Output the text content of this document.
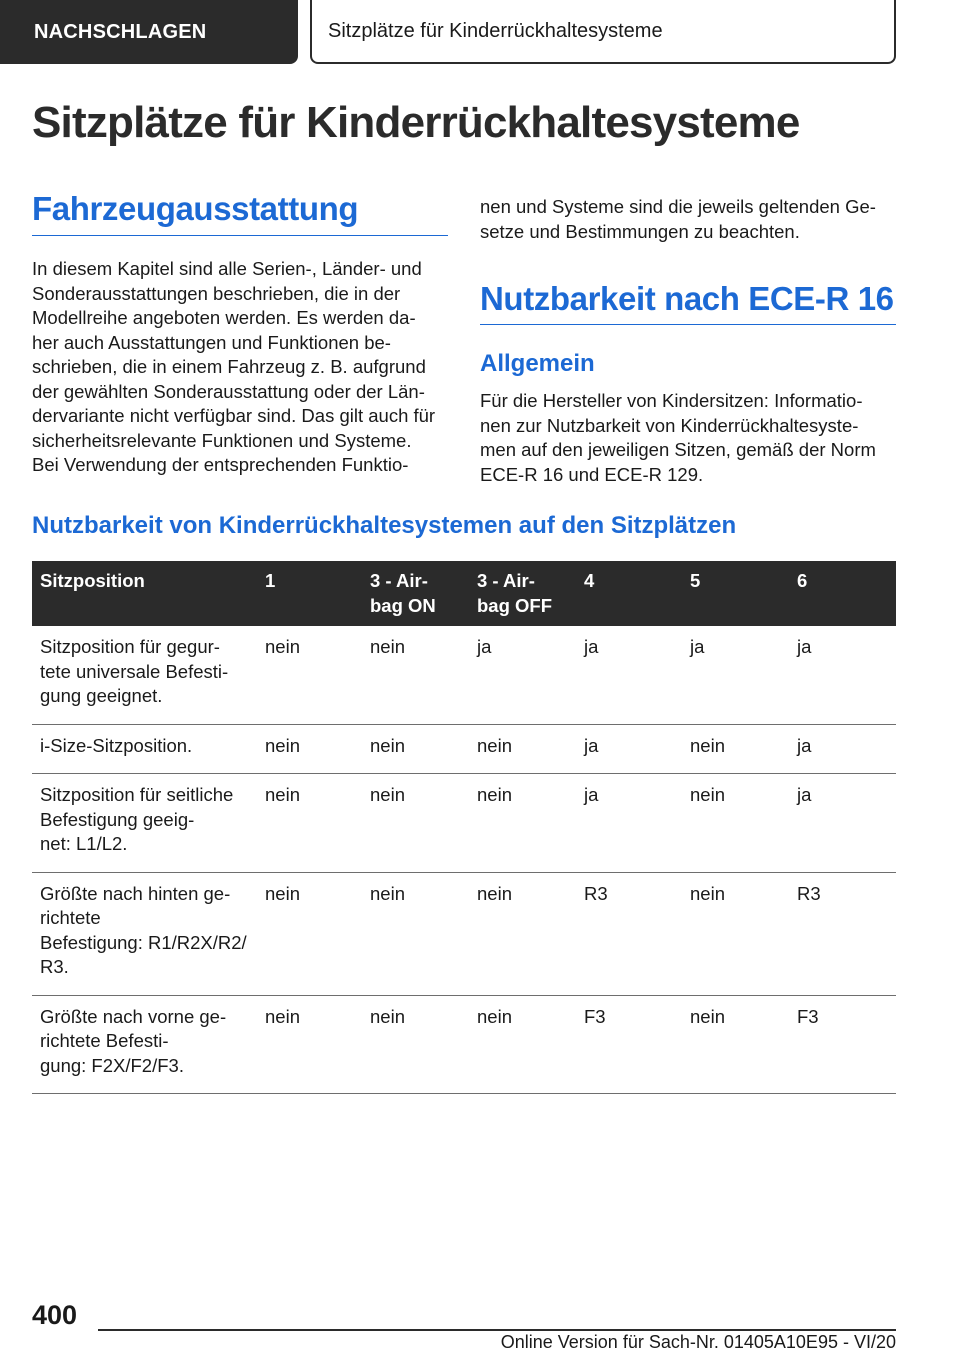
NACHSCHLAGEN	Sitzplätze für Kinderrückhaltesysteme
Sitzplätze für Kinderrückhaltesysteme
Fahrzeugausstattung

In diesem Kapitel sind alle Serien-, Länder- und
Sonderausstattungen beschrieben, die in der
Modellreihe angeboten werden. Es werden da-
her auch Ausstattungen und Funktionen be-
schrieben, die in einem Fahrzeug z. B. aufgrund
der gewählten Sonderausstattung oder der Län-
dervariante nicht verfügbar sind. Das gilt auch für
sicherheitsrelevante Funktionen und Systeme.
Bei Verwendung der entsprechenden Funktio-

nen und Systeme sind die jeweils geltenden Ge-
setze und Bestimmungen zu beachten.

Nutzbarkeit nach ECE-R 16
Allgemein

Für die Hersteller von Kindersitzen: Informatio-
nen zur Nutzbarkeit von Kinderrückhaltesyste-
men auf den jeweiligen Sitzen, gemäß der Norm
ECE-R 16 und ECE-R 129.

Nutzbarkeit von Kinderrückhaltesystemen auf den Sitzplätzen
Sitzposition	1	3 - Air-
bag ON	3 - Air-
bag OFF	4	5	6
Sitzposition für gegur-
tete universale Befesti-
gung geeignet.	nein	nein	ja	ja	ja	ja
i-Size-Sitzposition.	nein	nein	nein	ja	nein	ja
Sitzposition für seitliche
Befestigung geeig-
net: L1/L2.	nein	nein	nein	ja	nein	ja
Größte nach hinten ge-
richtete
Befestigung: R1/R2X/R2/
R3.	nein	nein	nein	R3	nein	R3
Größte nach vorne ge-
richtete Befesti-
gung: F2X/F2/F3.	nein	nein	nein	F3	nein	F3

400

Online Version für Sach-Nr. 01405A10E95 - VI/20
